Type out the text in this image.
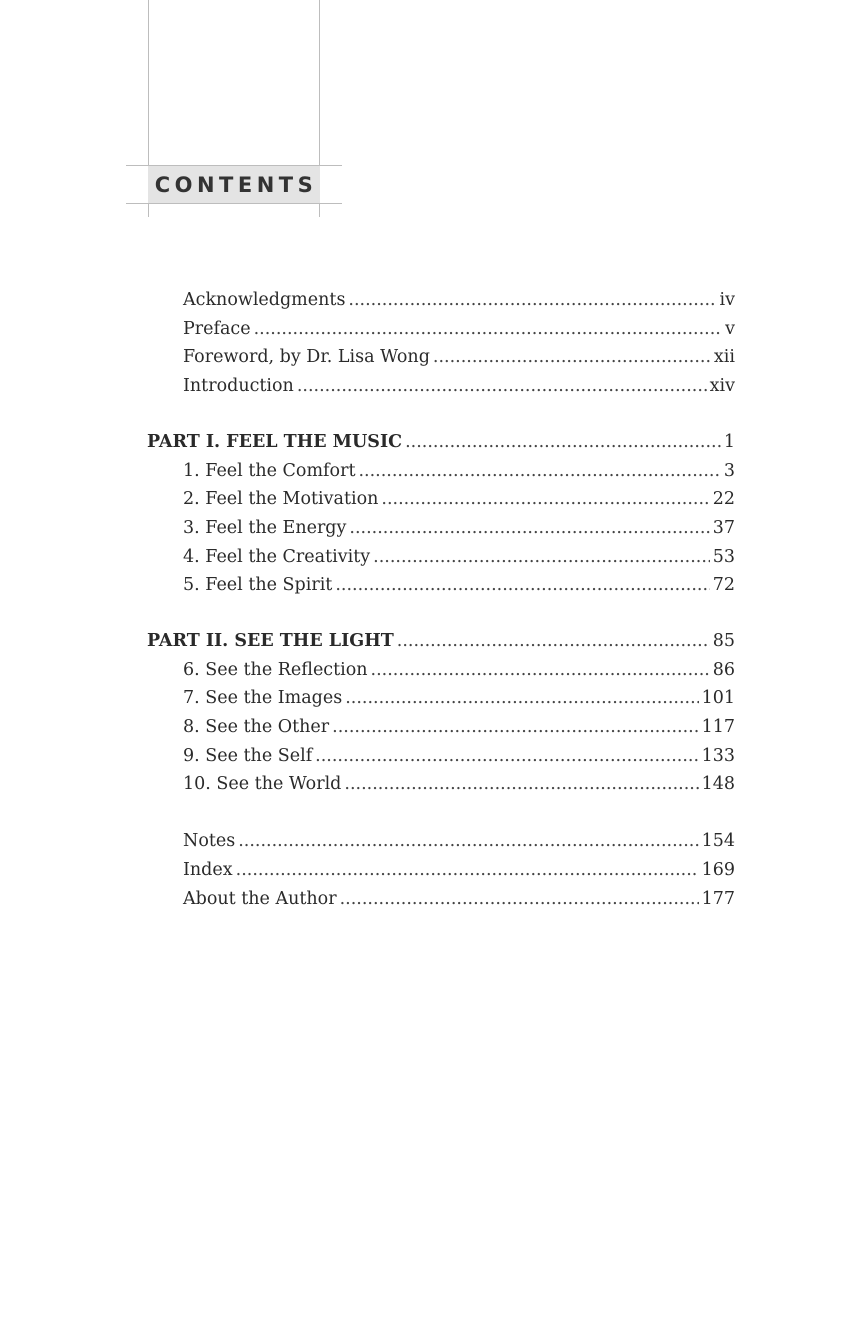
CONTENTS
Acknowledgments .....	iv
Preface .....	v
Foreword, by Dr. Lisa Wong .....	xii
Introduction .....	xiv
PART I. FEEL THE MUSIC .....	1
1. Feel the Comfort .....	3
2. Feel the Motivation .....	22
3. Feel the Energy .....	37
4. Feel the Creativity .....	53
5. Feel the Spirit .....	72
PART II. SEE THE LIGHT .....	85
6. See the Reflection .....	86
7. See the Images .....	101
8. See the Other .....	117
9. See the Self .....	133
10. See the World .....	148
Notes .....	154
Index .....	169
About the Author .....	177
